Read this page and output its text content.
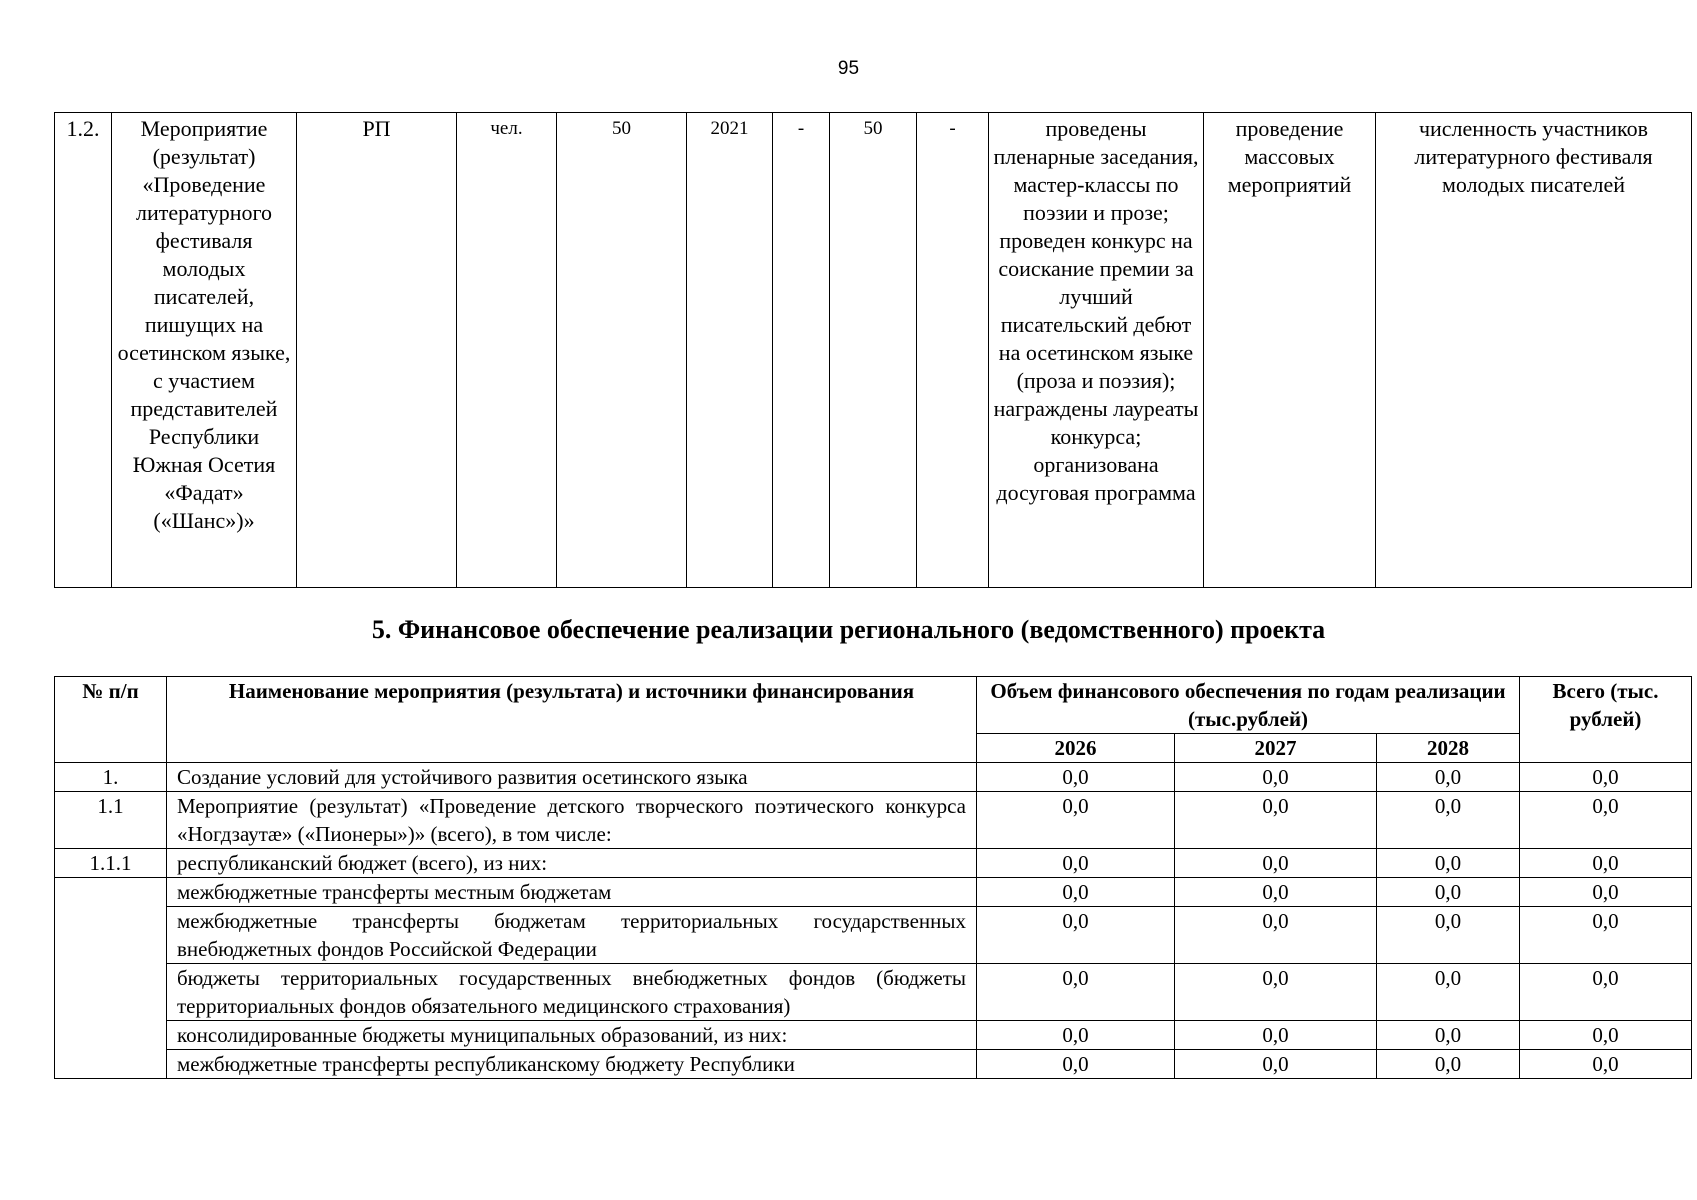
95
1.2.	Мероприятие (результат) «Проведение литературного фестиваля молодых писателей, пишущих на осетинском языке, с участием представителей Республики Южная Осетия «Фадат» («Шанс»)»	РП	чел.	50	2021	-	50	-	проведены пленарные заседания, мастер-классы по поэзии и прозе; проведен конкурс на соискание премии за лучший писательский дебют на осетинском языке (проза и поэзия); награждены лауреаты конкурса; организована досуговая программа	проведение массовых мероприятий	численность участников литературного фестиваля молодых писателей
5. Финансовое обеспечение реализации регионального (ведомственного) проекта
№ п/п	Наименование мероприятия (результата) и источники финансирования	Объем финансового обеспечения по годам реализации (тыс.рублей)			Всего (тыс. рублей)
		2026	2027	2028	
1.	Создание условий для устойчивого развития осетинского языка	0,0	0,0	0,0	0,0
1.1	Мероприятие (результат) «Проведение детского творческого поэтического конкурса «Ногдзаутæ» («Пионеры»)» (всего), в том числе:	0,0	0,0	0,0	0,0
1.1.1	республиканский бюджет (всего), из них:	0,0	0,0	0,0	0,0
	межбюджетные трансферты местным бюджетам	0,0	0,0	0,0	0,0
	межбюджетные трансферты бюджетам территориальных государственных внебюджетных фондов Российской Федерации	0,0	0,0	0,0	0,0
	бюджеты территориальных государственных внебюджетных фондов (бюджеты территориальных фондов обязательного медицинского страхования)	0,0	0,0	0,0	0,0
	консолидированные бюджеты муниципальных образований, из них:	0,0	0,0	0,0	0,0
	межбюджетные трансферты республиканскому бюджету Республики	0,0	0,0	0,0	0,0
